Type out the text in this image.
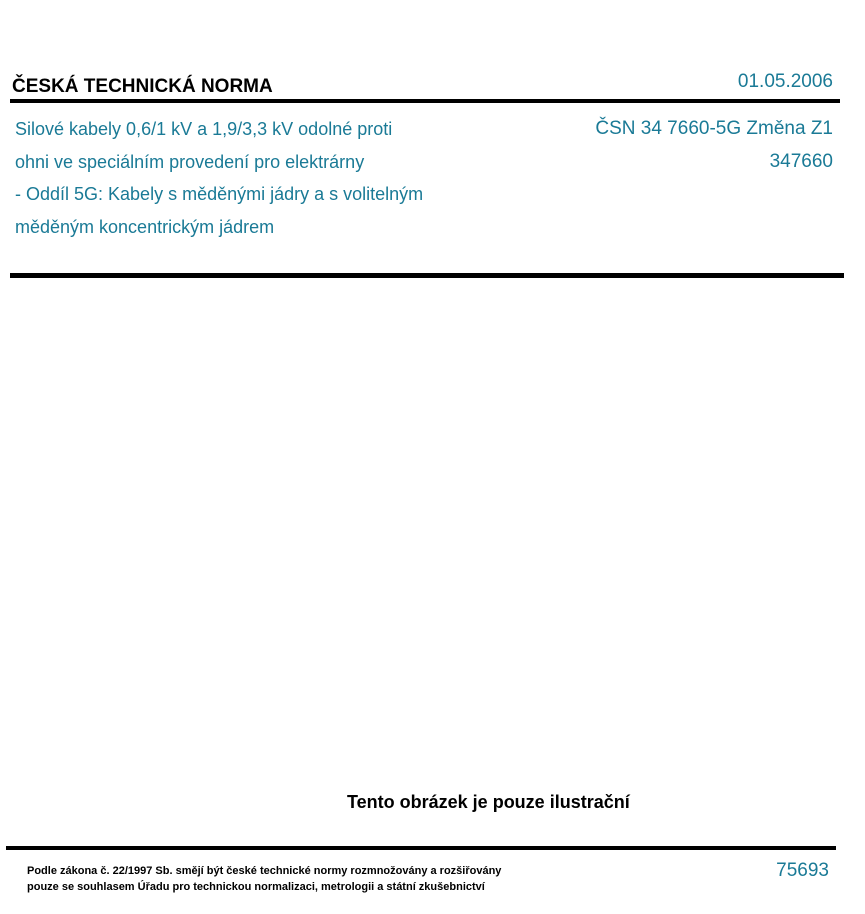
ČESKÁ TECHNICKÁ NORMA	01.05.2006
Silové kabely 0,6/1 kV a 1,9/3,3 kV odolné proti
ohni ve speciálním provedení pro elektrárny
- Oddíl 5G: Kabely s měděnými jádry a s volitelným
měděným koncentrickým jádrem
ČSN 34 7660-5G Změna Z1
347660
Tento obrázek je pouze ilustrační
Podle zákona č. 22/1997 Sb. smějí být české technické normy rozmnožovány a rozšiřovány
pouze se souhlasem Úřadu pro technickou normalizaci, metrologii a státní zkušebnictví
75693
